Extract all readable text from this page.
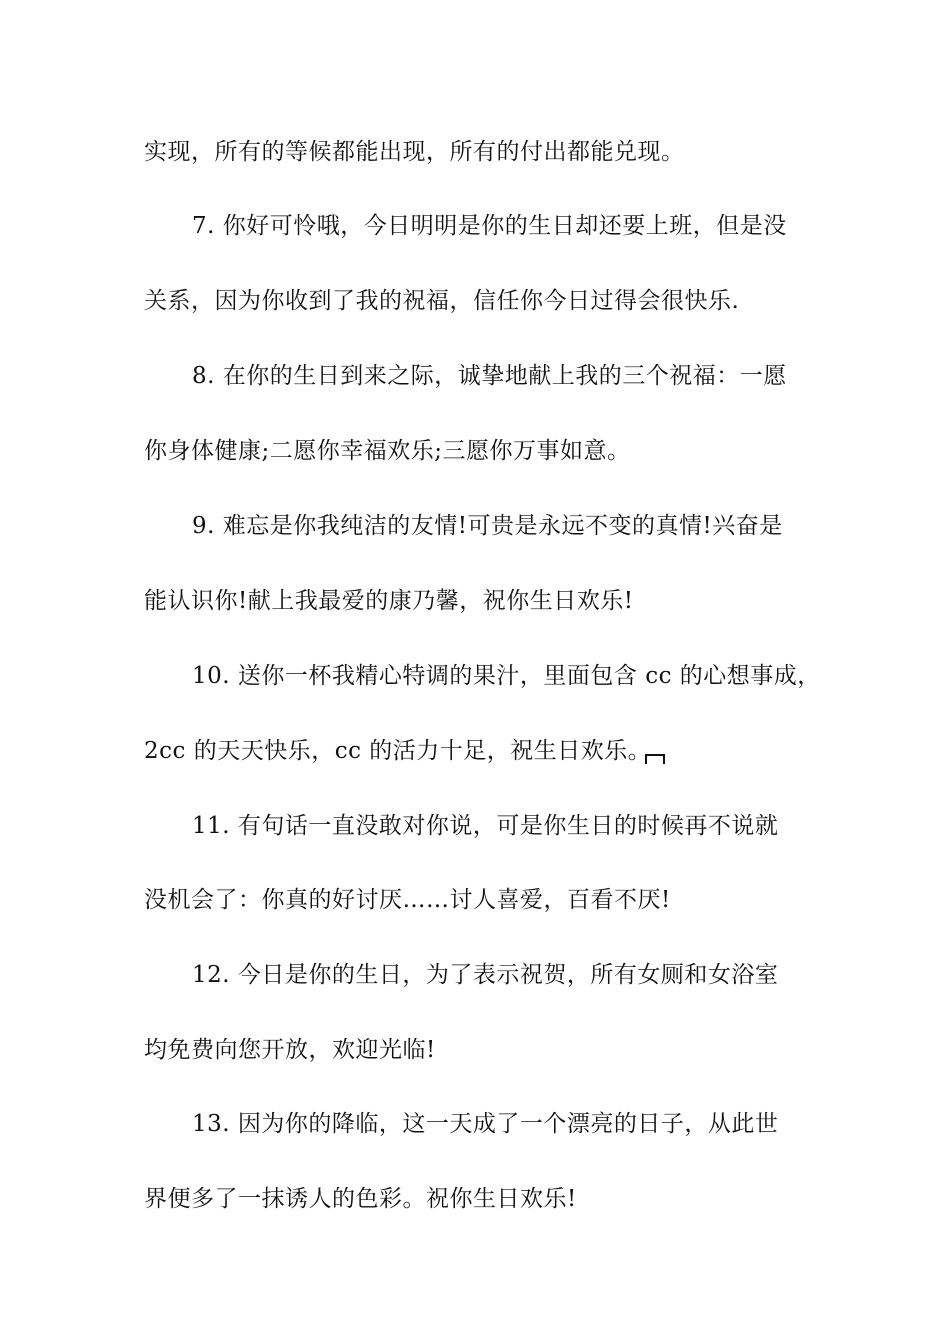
实现，所有的等候都能出现，所有的付出都能兑现。
7. 你好可怜哦，今日明明是你的生日却还要上班，但是没
关系，因为你收到了我的祝福，信任你今日过得会很快乐.
8. 在你的生日到来之际，诚挚地献上我的三个祝福：一愿
你身体健康;二愿你幸福欢乐;三愿你万事如意。
9. 难忘是你我纯洁的友情!可贵是永远不变的真情!兴奋是
能认识你!献上我最爱的康乃馨，祝你生日欢乐!
10. 送你一杯我精心特调的果汁，里面包含 cc 的心想事成，
2cc 的天天快乐，cc 的活力十足，祝生日欢乐。
11. 有句话一直没敢对你说，可是你生日的时候再不说就
没机会了：你真的好讨厌……讨人喜爱，百看不厌!
12. 今日是你的生日，为了表示祝贺，所有女厕和女浴室
均免费向您开放，欢迎光临!
13. 因为你的降临，这一天成了一个漂亮的日子，从此世
界便多了一抹诱人的色彩。祝你生日欢乐!
